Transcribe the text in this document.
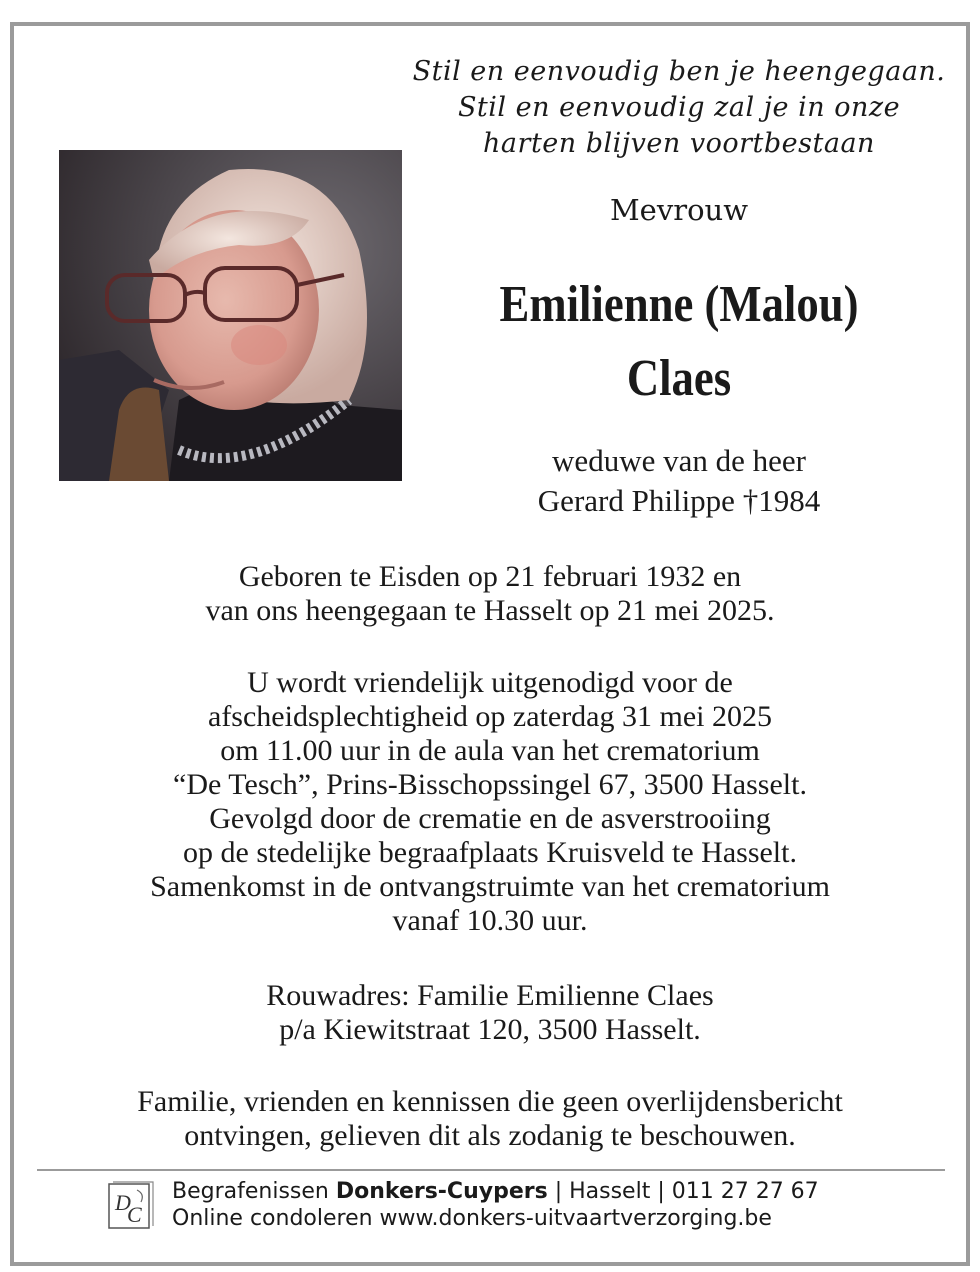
Stil en eenvoudig ben je heengegaan.
Stil en eenvoudig zal je in onze
harten blijven voortbestaan
Mevrouw
Emilienne (Malou)
Claes
weduwe van de heer
Gerard Philippe †1984
Geboren te Eisden op 21 februari 1932 en
van ons heengegaan te Hasselt op 21 mei 2025.
U wordt vriendelijk uitgenodigd voor de
afscheidsplechtigheid op zaterdag 31 mei 2025
om 11.00 uur in de aula van het crematorium
“De Tesch”, Prins-Bisschopssingel 67, 3500 Hasselt.
Gevolgd door de crematie en de asverstrooiing
op de stedelijke begraafplaats Kruisveld te Hasselt.
Samenkomst in de ontvangstruimte van het crematorium
vanaf 10.30 uur.
Rouwadres: Familie Emilienne Claes
p/a Kiewitstraat 120, 3500 Hasselt.
Familie, vrienden en kennissen die geen overlijdensbericht
ontvingen, gelieven dit als zodanig te beschouwen.
D
C
Begrafenissen Donkers-Cuypers | Hasselt | 011 27 27 67
Online condoleren www.donkers-uitvaartverzorging.be
